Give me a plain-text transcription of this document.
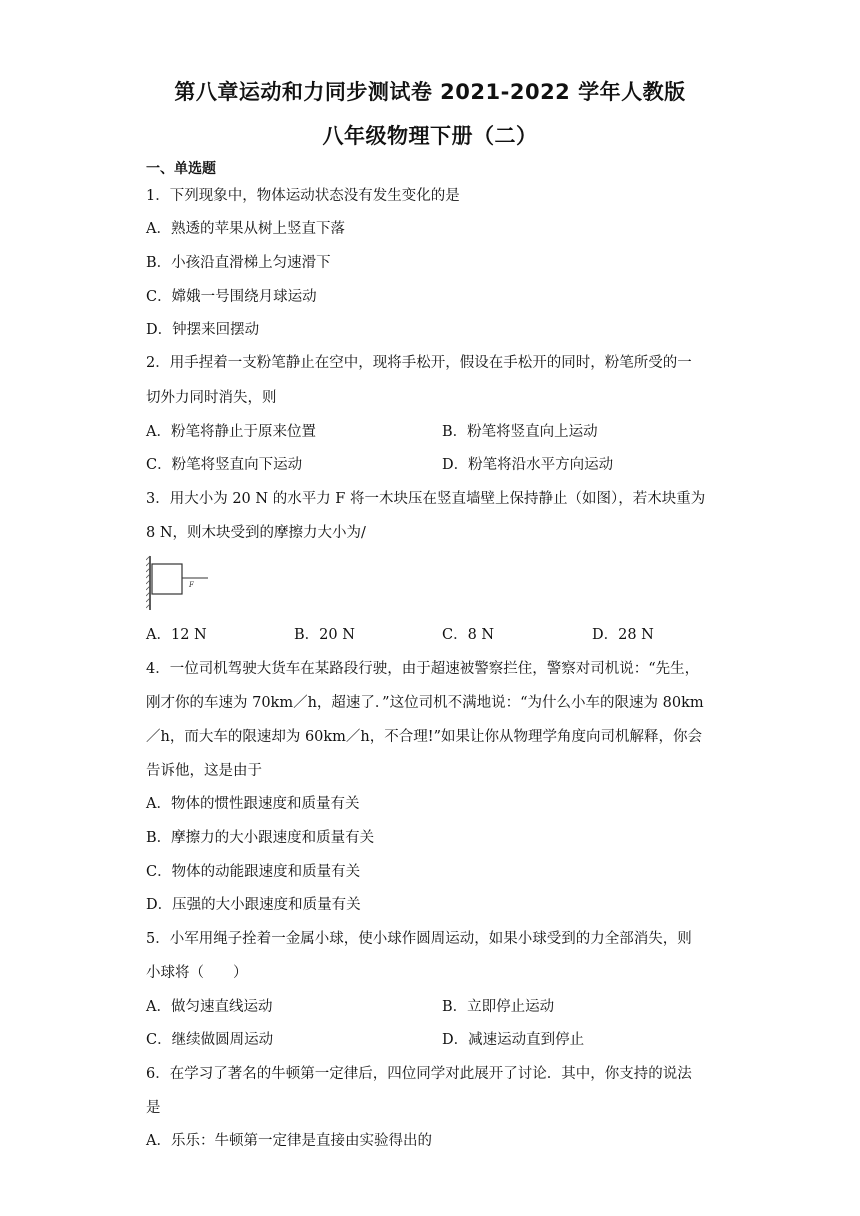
第八章运动和力同步测试卷 2021-2022 学年人教版
八年级物理下册（二）
一、单选题
1．下列现象中，物体运动状态没有发生变化的是
A．熟透的苹果从树上竖直下落
B．小孩沿直滑梯上匀速滑下
C．嫦娥一号围绕月球运动
D．钟摆来回摆动
2．用手捏着一支粉笔静止在空中，现将手松开，假设在手松开的同时，粉笔所受的一
切外力同时消失，则
A．粉笔将静止于原来位置	B．粉笔将竖直向上运动
C．粉笔将竖直向下运动	D．粉笔将沿水平方向运动
3．用大小为 20 N 的水平力 F 将一木块压在竖直墙壁上保持静止（如图），若木块重为
8 N，则木块受到的摩擦力大小为/
F
A．12 N	B．20 N	C．8 N	D．28 N
4．一位司机驾驶大货车在某路段行驶，由于超速被警察拦住，警察对司机说：“先生，
刚才你的车速为 70km／h，超速了．”这位司机不满地说：“为什么小车的限速为 80km
／h，而大车的限速却为 60km／h，不合理!”如果让你从物理学角度向司机解释，你会
告诉他，这是由于
A．物体的惯性跟速度和质量有关
B．摩擦力的大小跟速度和质量有关
C．物体的动能跟速度和质量有关
D．压强的大小跟速度和质量有关
5．小军用绳子拴着一金属小球，使小球作圆周运动，如果小球受到的力全部消失，则
小球将（　　）
A．做匀速直线运动	B．立即停止运动
C．继续做圆周运动	D．减速运动直到停止
6．在学习了著名的牛顿第一定律后，四位同学对此展开了讨论．其中，你支持的说法
是
A．乐乐：牛顿第一定律是直接由实验得出的
